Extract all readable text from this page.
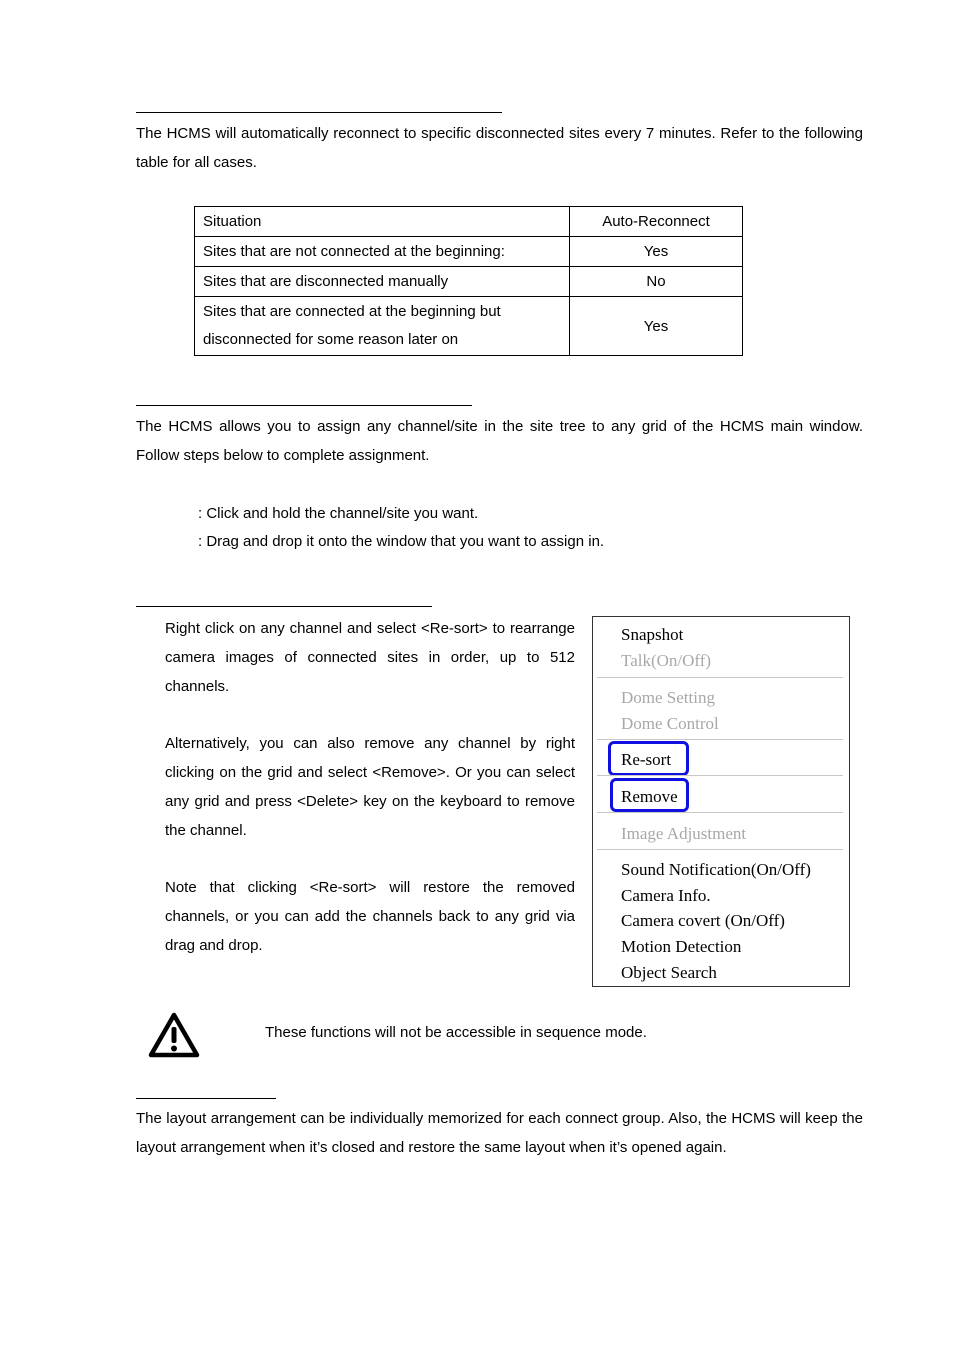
The HCMS will automatically reconnect to specific disconnected sites every 7 minutes. Refer to the following table for all cases.

Situation	Auto-Reconnect
Sites that are not connected at the beginning:	Yes
Sites that are disconnected manually	No
Sites that are connected at the beginning but disconnected for some reason later on	Yes

The HCMS allows you to assign any channel/site in the site tree to any grid of the HCMS main window. Follow steps below to complete assignment.

: Click and hold the channel/site you want.

: Drag and drop it onto the window that you want to assign in.

Right click on any channel and select <Re-sort> to rearrange camera images of connected sites in order, up to 512 channels.

Alternatively, you can also remove any channel by right clicking on the grid and select <Remove>. Or you can select any grid and press <Delete> key on the keyboard to remove the channel.

Note that clicking <Re-sort> will restore the removed channels, or you can add the channels back to any grid via drag and drop.

Snapshot
Talk(On/Off)
Dome Setting
Dome Control
Re-sort
Remove
Image Adjustment
Sound Notification(On/Off)
Camera Info.
Camera covert (On/Off)
Motion Detection
Object Search

These functions will not be accessible in sequence mode.

The layout arrangement can be individually memorized for each connect group. Also, the HCMS will keep the layout arrangement when it’s closed and restore the same layout when it’s opened again.
